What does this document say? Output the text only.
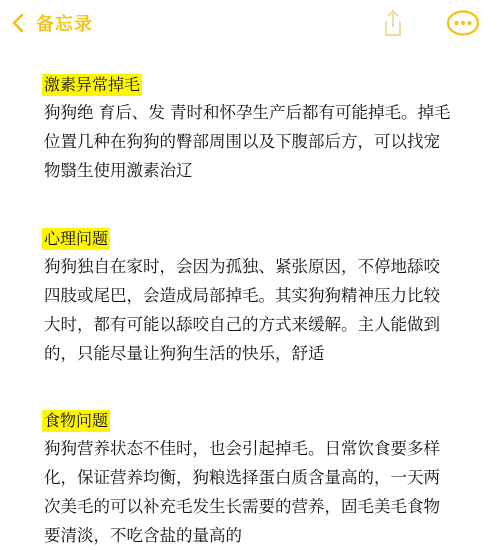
备忘录
激素异常掉毛
狗狗绝 育后、发 青时和怀孕生产后都有可能掉毛。掉毛位置几种在狗狗的臀部周围以及下腹部后方，可以找宠物翳生使用激素治辽
心理问题
狗狗独自在家时，会因为孤独、紧张原因，不停地舔咬四肢或尾巴，会造成局部掉毛。其实狗狗精神压力比较大时，都有可能以舔咬自己的方式来缓解。主人能做到的，只能尽量让狗狗生活的快乐，舒适
食物问题
狗狗营养状态不佳时，也会引起掉毛。日常饮食要多样化，保证营养均衡，狗粮选择蛋白质含量高的，一天两次美毛的可以补充毛发生长需要的营养，固毛美毛食物要清淡，不吃含盐的量高的
